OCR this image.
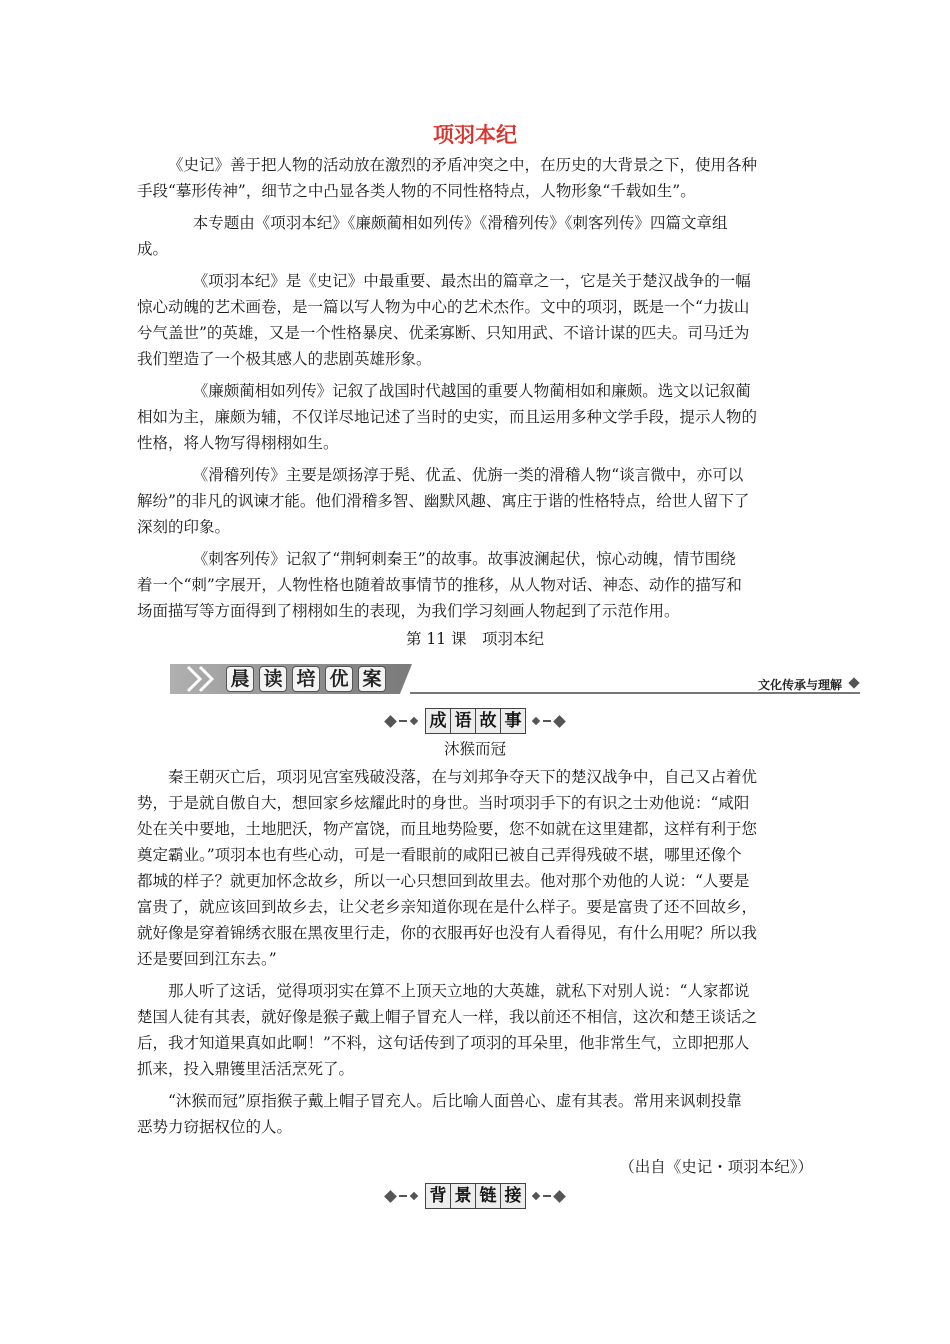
项羽本纪

《史记》善于把人物的活动放在激烈的矛盾冲突之中，在历史的大背景之下，使用各种
手段“摹形传神”，细节之中凸显各类人物的不同性格特点，人物形象“千载如生”。

本专题由《项羽本纪》《廉颇蔺相如列传》《滑稽列传》《刺客列传》四篇文章组
成。

《项羽本纪》是《史记》中最重要、最杰出的篇章之一，它是关于楚汉战争的一幅
惊心动魄的艺术画卷，是一篇以写人物为中心的艺术杰作。文中的项羽，既是一个“力拔山
兮气盖世”的英雄，又是一个性格暴戾、优柔寡断、只知用武、不谙计谋的匹夫。司马迁为
我们塑造了一个极其感人的悲剧英雄形象。

《廉颇蔺相如列传》记叙了战国时代越国的重要人物蔺相如和廉颇。选文以记叙蔺
相如为主，廉颇为辅，不仅详尽地记述了当时的史实，而且运用多种文学手段，提示人物的
性格，将人物写得栩栩如生。

《滑稽列传》主要是颂扬淳于髡、优孟、优旃一类的滑稽人物“谈言微中，亦可以
解纷”的非凡的讽谏才能。他们滑稽多智、幽默风趣、寓庄于谐的性格特点，给世人留下了
深刻的印象。

《刺客列传》记叙了“荆轲刺秦王”的故事。故事波澜起伏，惊心动魄，情节围绕
着一个“刺”字展开，人物性格也随着故事情节的推移，从人物对话、神态、动作的描写和
场面描写等方面得到了栩栩如生的表现，为我们学习刻画人物起到了示范作用。

第 11 课　项羽本纪
晨 读 培 优 案	文化传承与理解
成 语 故 事
沐猴而冠

秦王朝灭亡后，项羽见宫室残破没落，在与刘邦争夺天下的楚汉战争中，自己又占着优
势，于是就自傲自大，想回家乡炫耀此时的身世。当时项羽手下的有识之士劝他说：“咸阳
处在关中要地，土地肥沃，物产富饶，而且地势险要，您不如就在这里建都，这样有利于您
奠定霸业。”项羽本也有些心动，可是一看眼前的咸阳已被自己弄得残破不堪，哪里还像个
都城的样子？就更加怀念故乡，所以一心只想回到故里去。他对那个劝他的人说：“人要是
富贵了，就应该回到故乡去，让父老乡亲知道你现在是什么样子。要是富贵了还不回故乡，
就好像是穿着锦绣衣服在黑夜里行走，你的衣服再好也没有人看得见，有什么用呢？所以我
还是要回到江东去。”

那人听了这话，觉得项羽实在算不上顶天立地的大英雄，就私下对别人说：“人家都说
楚国人徒有其表，就好像是猴子戴上帽子冒充人一样，我以前还不相信，这次和楚王谈话之
后，我才知道果真如此啊！”不料，这句话传到了项羽的耳朵里，他非常生气，立即把那人
抓来，投入鼎镬里活活烹死了。

“沐猴而冠”原指猴子戴上帽子冒充人。后比喻人面兽心、虚有其表。常用来讽刺投靠
恶势力窃据权位的人。

（出自《史记・项羽本纪》）
背 景 链 接
